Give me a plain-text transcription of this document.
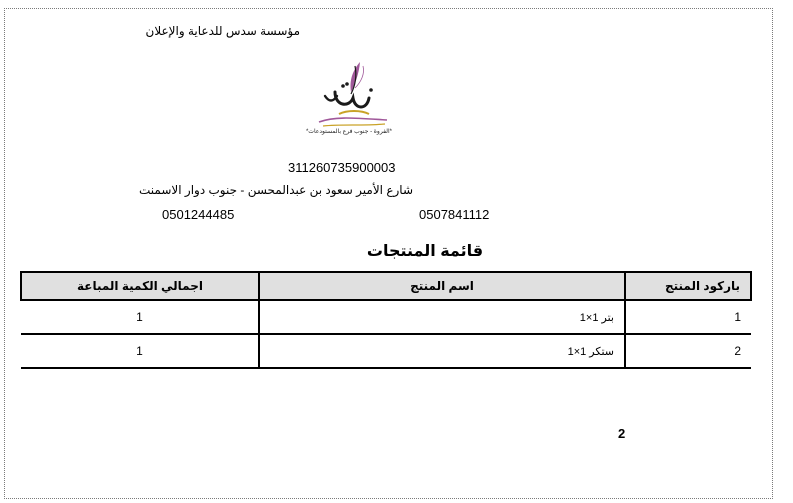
مؤسسة سدس للدعاية والإعلان
*الفروة - جنوب فرع بالمستودعات*
311260735900003
شارع الأمير سعود بن عبدالمحسن - جنوب دوار الاسمنت
0501244485	0507841112
قائمة المنتجات
باركود المنتج	اسم المنتج	اجمالي الكمية المباعة
1	بتر 1×1	1
2	ستكر 1×1	1
2
